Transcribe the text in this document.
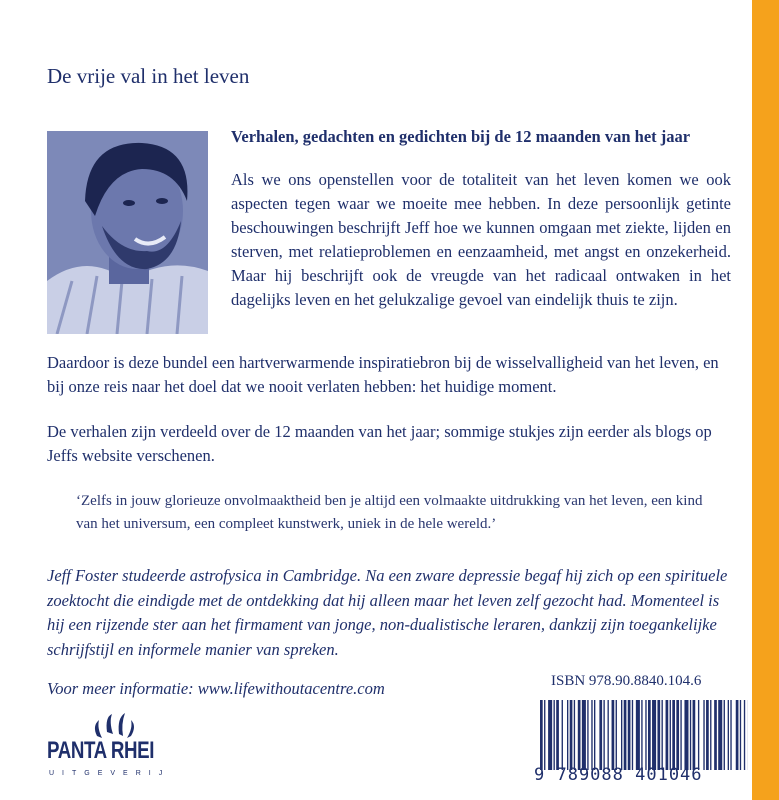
De vrije val in het leven
Verhalen, gedachten en gedichten bij de 12 maanden van het jaar
Als we ons openstellen voor de totaliteit van het leven komen we ook aspecten tegen waar we moeite mee hebben. In deze persoonlijk getinte beschouwingen beschrijft Jeff hoe we kunnen omgaan met ziekte, lijden en sterven, met relatieproblemen en eenzaamheid, met angst en onzekerheid. Maar hij beschrijft ook de vreugde van het radicaal ontwaken in het dagelijks leven en het gelukzalige gevoel van eindelijk thuis te zijn.
Daardoor is deze bundel een hartverwarmende inspiratiebron bij de wisselvalligheid van het leven, en bij onze reis naar het doel dat we nooit verlaten hebben: het huidige moment.
De verhalen zijn verdeeld over de 12 maanden van het jaar; sommige stukjes zijn eerder als blogs op Jeffs website verschenen.
‘Zelfs in jouw glorieuze onvolmaaktheid ben je altijd een volmaakte uitdrukking van het leven, een kind van het universum, een compleet kunstwerk, uniek in de hele wereld.’
Jeff Foster studeerde astrofysica in Cambridge. Na een zware depressie begaf hij zich op een spirituele zoektocht die eindigde met de ontdekking dat hij alleen maar het leven zelf gezocht had. Momenteel is hij een rijzende ster aan het firmament van jonge, non-dualistische leraren, dankzij zijn toegankelijke schrijfstijl en informele manier van spreken.
Voor meer informatie: www.lifewithoutacentre.com	ISBN 978.90.8840.104.6
9 789088 401046
PANTA RHEI
UITGEVERIJ
